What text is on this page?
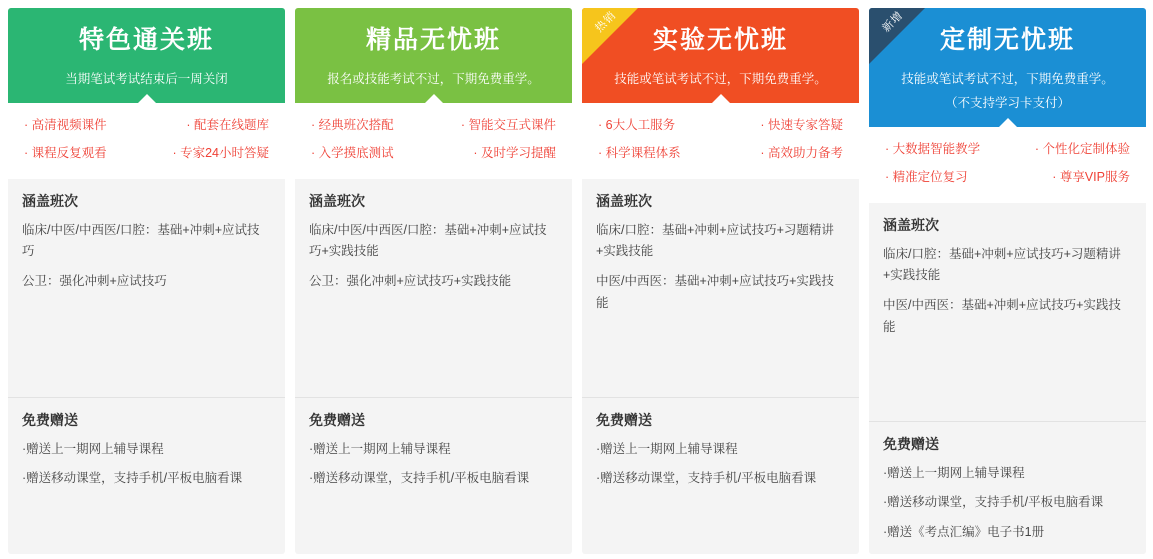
特色通关班
当期笔试考试结束后一周关闭
· 高清视频课件	· 配套在线题库
· 课程反复观看	· 专家24小时答疑
涵盖班次
临床/中医/中西医/口腔：基础+冲刺+应试技巧
公卫：强化冲刺+应试技巧
免费赠送
·赠送上一期网上辅导课程
·赠送移动课堂，支持手机/平板电脑看课
精品无忧班
报名或技能考试不过，下期免费重学。
· 经典班次搭配	· 智能交互式课件
· 入学摸底测试	· 及时学习提醒
涵盖班次
临床/中医/中西医/口腔：基础+冲刺+应试技巧+实践技能
公卫：强化冲刺+应试技巧+实践技能
免费赠送
·赠送上一期网上辅导课程
·赠送移动课堂，支持手机/平板电脑看课
热销
实验无忧班
技能或笔试考试不过，下期免费重学。
· 6大人工服务	· 快速专家答疑
· 科学课程体系	· 高效助力备考
涵盖班次
临床/口腔：基础+冲刺+应试技巧+习题精讲+实践技能
中医/中西医：基础+冲刺+应试技巧+实践技能
免费赠送
·赠送上一期网上辅导课程
·赠送移动课堂，支持手机/平板电脑看课
新增
定制无忧班
技能或笔试考试不过，下期免费重学。
（不支持学习卡支付）
· 大数据智能教学	· 个性化定制体验
· 精准定位复习	· 尊享VIP服务
涵盖班次
临床/口腔：基础+冲刺+应试技巧+习题精讲+实践技能
中医/中西医：基础+冲刺+应试技巧+实践技能
免费赠送
·赠送上一期网上辅导课程
·赠送移动课堂，支持手机/平板电脑看课
·赠送《考点汇编》电子书1册
